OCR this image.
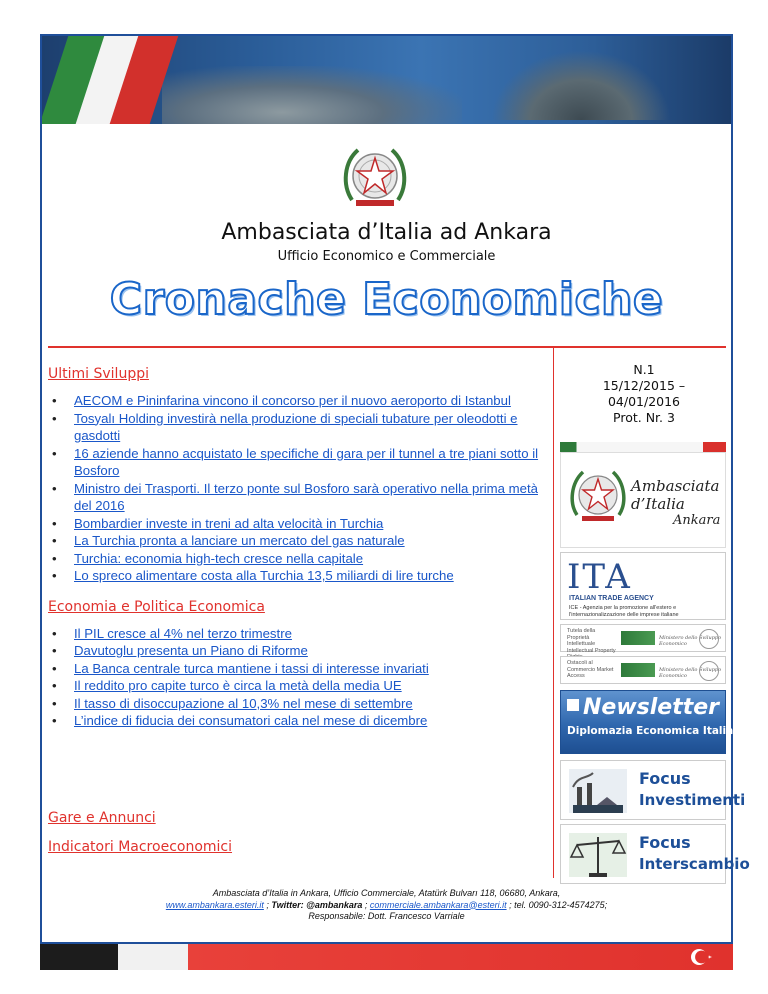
Ambasciata d’Italia ad Ankara
Ufficio Economico e Commerciale
Cronache Economiche

Ultimi Sviluppi

• AECOM e Pininfarina vincono il concorso per il nuovo aeroporto di Istanbul
• Tosyalı Holding investirà nella produzione di speciali tubature per oleodotti e gasdotti
• 16 aziende hanno acquistato le specifiche di gara per il tunnel a tre piani sotto il Bosforo
• Ministro dei Trasporti. Il terzo ponte sul Bosforo sarà operativo nella prima metà del 2016
• Bombardier investe in treni ad alta velocità in Turchia
• La Turchia pronta a lanciare un mercato del gas naturale
• Turchia: economia high-tech cresce nella capitale
• Lo spreco alimentare costa alla Turchia 13,5 miliardi di lire turche

Economia e Politica Economica

• Il PIL cresce al 4% nel terzo trimestre
• Davutoglu presenta un Piano di Riforme
• La Banca centrale turca mantiene i tassi di interesse invariati
• Il reddito pro capite turco è circa la metà della media UE
• Il tasso di disoccupazione al 10,3% nel mese di settembre
• L’indice di fiducia dei consumatori cala nel mese di dicembre

Gare e Annunci

Indicatori Macroeconomici

N.1
15/12/2015 –
04/01/2016
Prot. Nr. 3
Ambasciata d’Italia
Ankara
ITA
ITALIAN TRADE AGENCY
ICE - Agenzia per la promozione all'estero e l'internazionalizzazione delle imprese italiane
Tutela della Proprietà Intellettuale Intellectual Property
Ministero dello Sviluppo Economico
Ostacoli al Commercio Market Access
Ministero dello Sviluppo Economico
Newsletter
Diplomazia Economica Italiana
Focus
Investimenti
Focus
Interscambio
Ambasciata d’Italia in Ankara, Ufficio Commerciale, Atatürk Bulvarı 118, 06680, Ankara,
www.ambankara.esteri.it ; Twitter: @ambankara ; commerciale.ambankara@esteri.it ; tel. 0090-312-4574275;
Responsabile: Dott. Francesco Varriale
